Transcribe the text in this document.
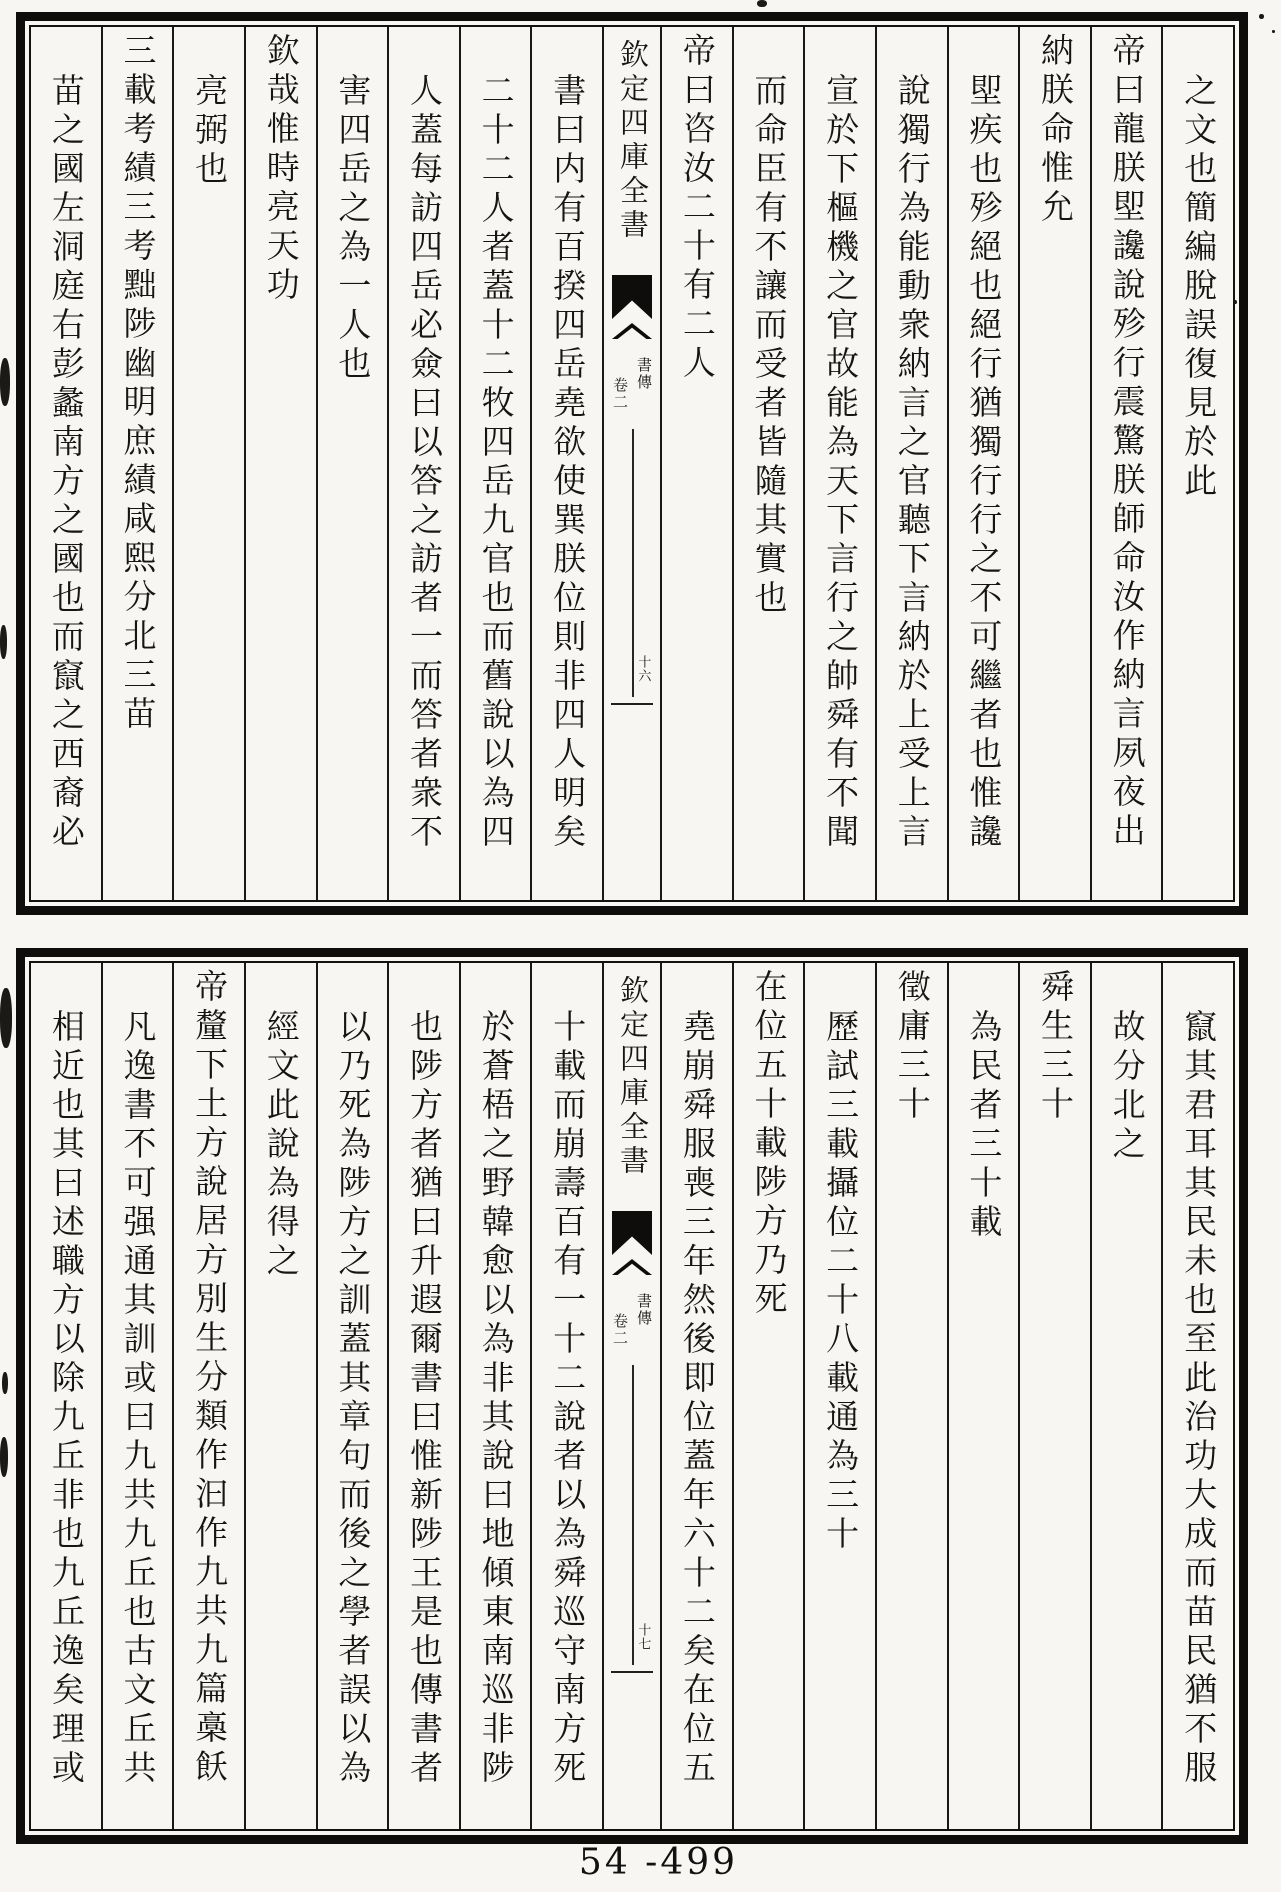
之文也簡編脫誤復見於此
帝曰龍朕堲讒說殄行震驚朕師命汝作納言夙夜出
納朕命惟允
堲疾也殄絕也絕行猶獨行行之不可繼者也惟讒
說獨行為能動衆納言之官聽下言納於上受上言
宣於下樞機之官故能為天下言行之帥舜有不聞
而命臣有不讓而受者皆隨其實也
帝曰咨汝二十有二人
欽定四庫全書
書傳
卷二
十六
書曰内有百揆四岳堯欲使巽朕位則非四人明矣
二十二人者蓋十二牧四岳九官也而舊說以為四
人蓋每訪四岳必僉曰以答之訪者一而答者衆不
害四岳之為一人也
欽哉惟時亮天功
亮弼也
三載考績三考黜陟幽明庶績咸熙分北三苗
苗之國左洞庭右彭蠡南方之國也而竄之西裔必
竄其君耳其民未也至此治功大成而苗民猶不服
故分北之
舜生三十
為民者三十載
徵庸三十
歷試三載攝位二十八載通為三十
在位五十載陟方乃死
堯崩舜服喪三年然後即位蓋年六十二矣在位五
欽定四庫全書
書傳
卷二
十七
十載而崩壽百有一十二說者以為舜巡守南方死
於蒼梧之野韓愈以為非其說曰地傾東南巡非陟
也陟方者猶曰升遐爾書曰惟新陟王是也傳書者
以乃死為陟方之訓蓋其章句而後之學者誤以為
經文此說為得之
帝釐下土方說居方別生分類作汩作九共九篇槀飫
凡逸書不可强通其訓或曰九共九丘也古文丘共
相近也其曰述職方以除九丘非也九丘逸矣理或
54 -499
